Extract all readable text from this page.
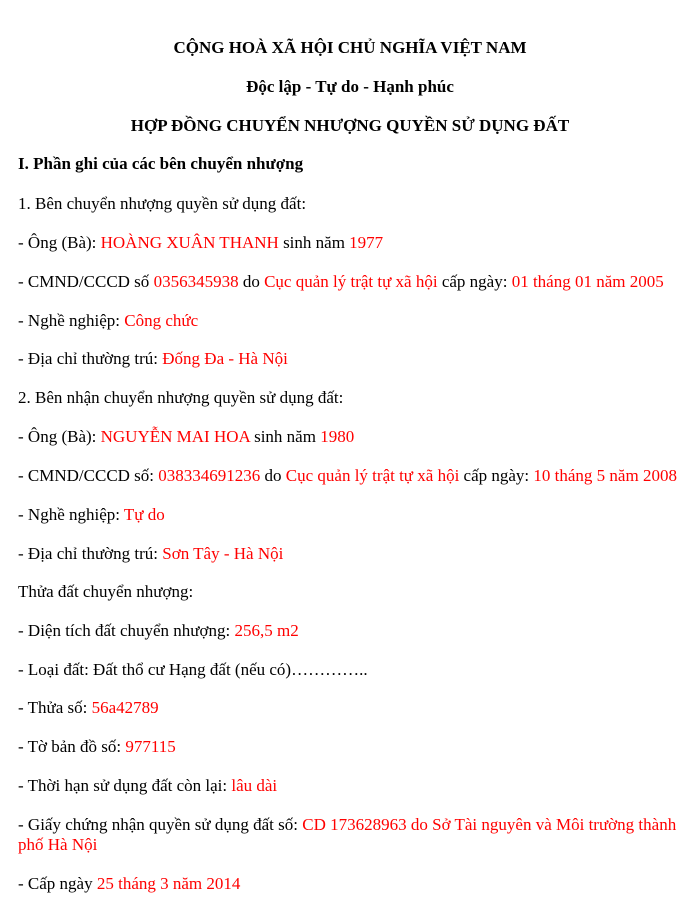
CỘNG HOÀ XÃ HỘI CHỦ NGHĨA VIỆT NAM

Độc lập - Tự do - Hạnh phúc

HỢP ĐỒNG CHUYỂN NHƯỢNG QUYỀN SỬ DỤNG ĐẤT

I. Phần ghi của các bên chuyển nhượng

1. Bên chuyển nhượng quyền sử dụng đất:

- Ông (Bà): HOÀNG XUÂN THANH sinh năm 1977

- CMND/CCCD số 0356345938 do Cục quản lý trật tự xã hội cấp ngày: 01 tháng 01 năm 2005

- Nghề nghiệp: Công chức

- Địa chỉ thường trú: Đống Đa - Hà Nội

2. Bên nhận chuyển nhượng quyền sử dụng đất:

- Ông (Bà): NGUYỄN MAI HOA sinh năm 1980

- CMND/CCCD số: 038334691236 do Cục quản lý trật tự xã hội cấp ngày: 10 tháng 5 năm 2008

- Nghề nghiệp: Tự do

- Địa chỉ thường trú: Sơn Tây - Hà Nội

Thửa đất chuyển nhượng:

- Diện tích đất chuyển nhượng: 256,5 m2

- Loại đất: Đất thổ cư Hạng đất (nếu có)…………..

- Thửa số: 56a42789

- Tờ bản đồ số: 977115

- Thời hạn sử dụng đất còn lại: lâu dài

- Giấy chứng nhận quyền sử dụng đất số: CD 173628963 do Sở Tài nguyên và Môi trường thành phố Hà Nội

- Cấp ngày 25 tháng 3 năm 2014
